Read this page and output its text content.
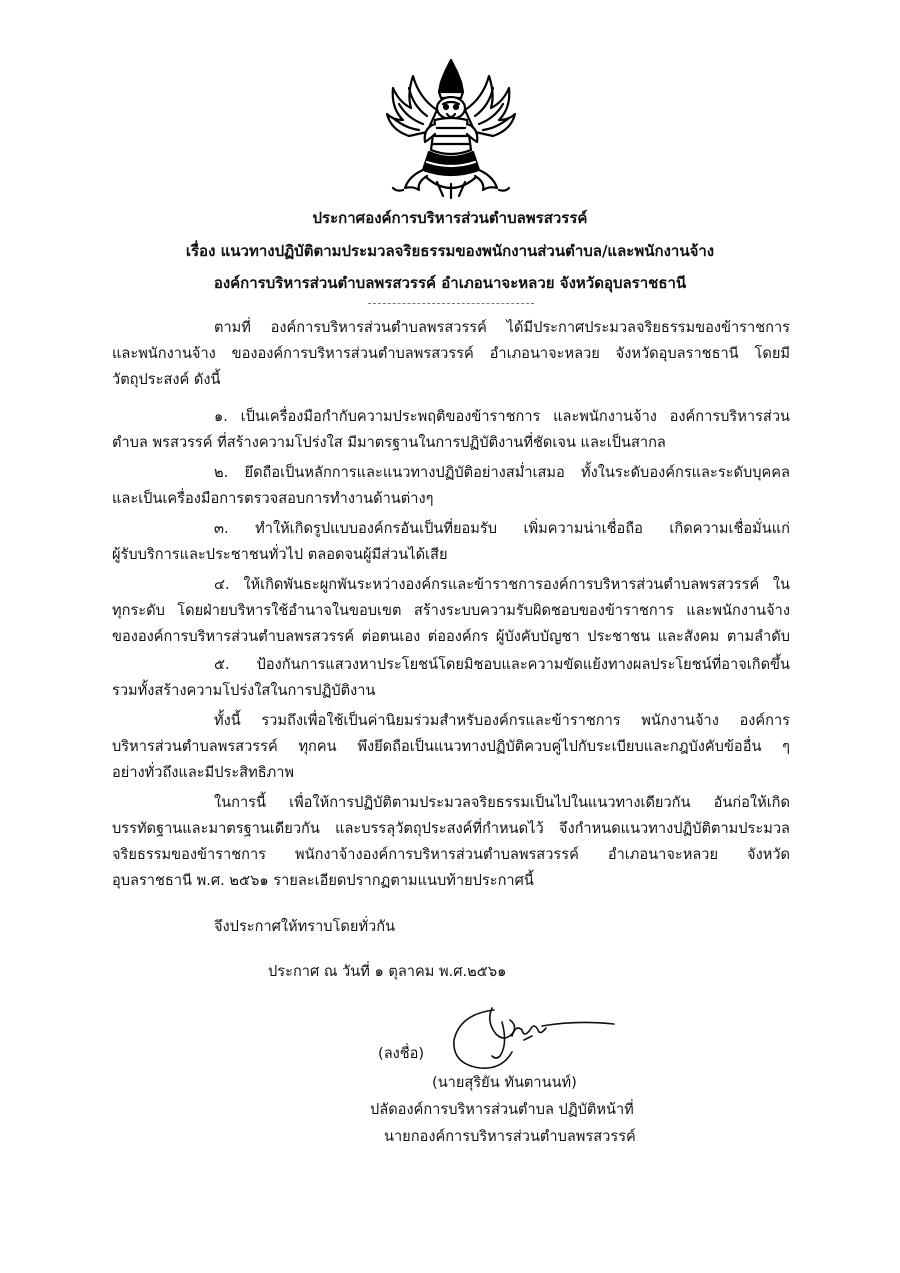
ประกาศองค์การบริหารส่วนตำบลพรสวรรค์
เรื่อง แนวทางปฏิบัติตามประมวลจริยธรรมของพนักงานส่วนตำบล/และพนักงานจ้าง
องค์การบริหารส่วนตำบลพรสวรรค์ อำเภอนาจะหลวย จังหวัดอุบลราชธานี
ตามที่ องค์การบริหารส่วนตำบลพรสวรรค์ ได้มีประกาศประมวลจริยธรรมของข้าราชการ
และพนักงานจ้าง ขององค์การบริหารส่วนตำบลพรสวรรค์ อำเภอนาจะหลวย จังหวัดอุบลราชธานี โดยมี
วัตถุประสงค์ ดังนี้
๑. เป็นเครื่องมือกำกับความประพฤติของข้าราชการ และพนักงานจ้าง องค์การบริหารส่วน
ตำบล พรสวรรค์ ที่สร้างความโปร่งใส มีมาตรฐานในการปฏิบัติงานที่ชัดเจน และเป็นสากล
๒. ยึดถือเป็นหลักการและแนวทางปฏิบัติอย่างสม่ำเสมอ ทั้งในระดับองค์กรและระดับบุคคล
และเป็นเครื่องมือการตรวจสอบการทำงานด้านต่างๆ
๓. ทำให้เกิดรูปแบบองค์กรอันเป็นที่ยอมรับ เพิ่มความน่าเชื่อถือ เกิดความเชื่อมั่นแก่
ผู้รับบริการและประชาชนทั่วไป ตลอดจนผู้มีส่วนได้เสีย
๔. ให้เกิดพันธะผูกพันระหว่างองค์กรและข้าราชการองค์การบริหารส่วนตำบลพรสวรรค์ ใน
ทุกระดับ โดยฝ่ายบริหารใช้อำนาจในขอบเขต สร้างระบบความรับผิดชอบของข้าราชการ และพนักงานจ้าง
ขององค์การบริหารส่วนตำบลพรสวรรค์ ต่อตนเอง ต่อองค์กร ผู้บังคับบัญชา ประชาชน และสังคม ตามลำดับ
๕. ป้องกันการแสวงหาประโยชน์โดยมิชอบและความขัดแย้งทางผลประโยชน์ที่อาจเกิดขึ้น
รวมทั้งสร้างความโปร่งใสในการปฏิบัติงาน
ทั้งนี้ รวมถึงเพื่อใช้เป็นค่านิยมร่วมสำหรับองค์กรและข้าราชการ พนักงานจ้าง องค์การ
บริหารส่วนตำบลพรสวรรค์ ทุกคน พึงยึดถือเป็นแนวทางปฏิบัติควบคู่ไปกับระเบียบและกฎบังคับข้ออื่น ๆ
อย่างทั่วถึงและมีประสิทธิภาพ
ในการนี้ เพื่อให้การปฏิบัติตามประมวลจริยธรรมเป็นไปในแนวทางเดียวกัน อันก่อให้เกิด
บรรทัดฐานและมาตรฐานเดียวกัน และบรรลุวัตถุประสงค์ที่กำหนดไว้ จึงกำหนดแนวทางปฏิบัติตามประมวล
จริยธรรมของข้าราชการ พนักงาจ้างองค์การบริหารส่วนตำบลพรสวรรค์ อำเภอนาจะหลวย จังหวัด
อุบลราชธานี พ.ศ. ๒๕๖๑ รายละเอียดปรากฏตามแนบท้ายประกาศนี้
จึงประกาศให้ทราบโดยทั่วกัน
ประกาศ ณ วันที่ ๑ ตุลาคม พ.ศ.๒๕๖๑
(ลงชื่อ)
(นายสุริยัน ทันตานนท์)
ปลัดองค์การบริหารส่วนตำบล ปฏิบัติหน้าที่
นายกองค์การบริหารส่วนตำบลพรสวรรค์
